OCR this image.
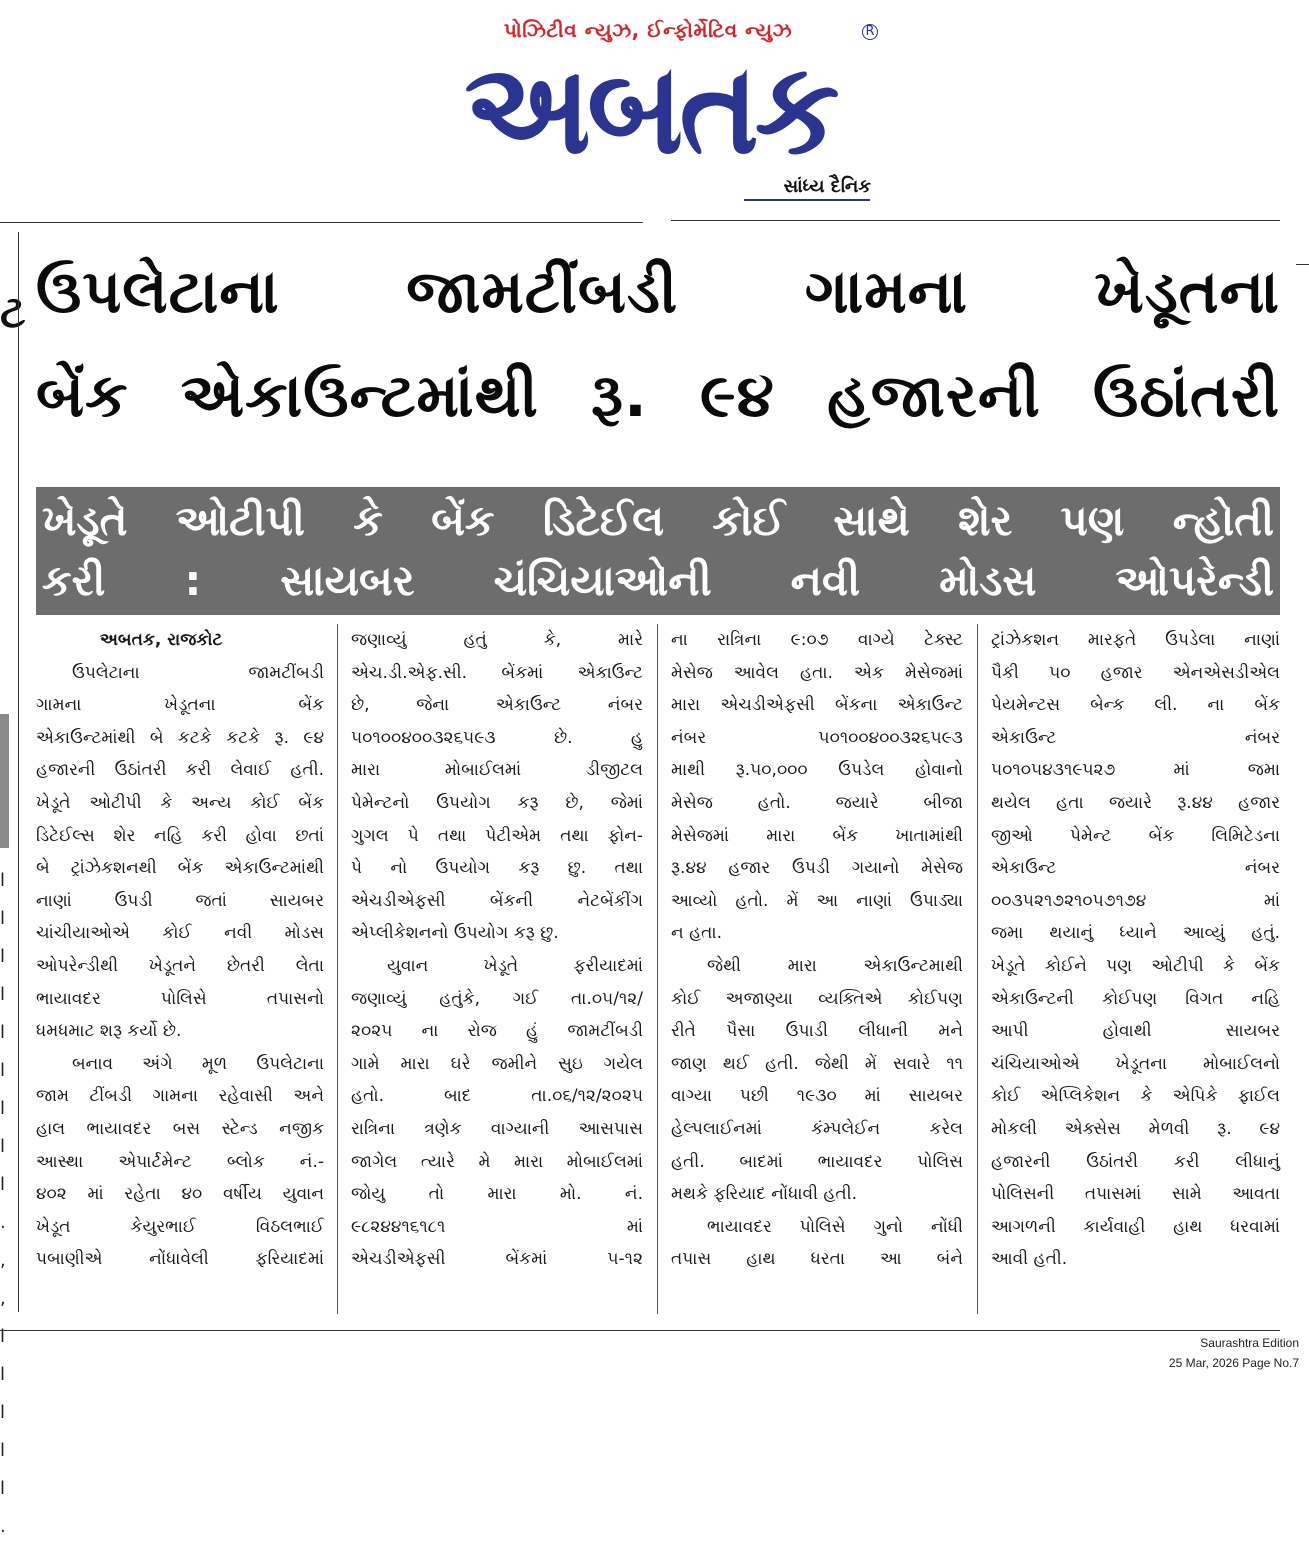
પોઝિટીવ ન્યુઝ, ઈન્ફોર્મેટિવ ન્યુઝ
અબતક
R
સાંધ્ય દૈનિક
ટ
l
l
l
l
l
l
l
l
l
.
,
,
l
l
l
l
l
.
ઉપલેટાના જામટીંબડી ગામના ખેડૂતના
બેંક એકાઉન્ટમાંથી રૂ. ૯૪ હજારની ઉઠાંતરી
ખેડૂતે ઓટીપી કે બેંક ડિટેઈલ કોઈ સાથે શેર પણ ન્હોતી
કરી : સાયબર ચંચિયાઓની નવી મોડસ ઓપરેન્ડી
અબતક, રાજકોટ
ઉપલેટાના જામટીંબડી
ગામના ખેડૂતના બેંક
એકાઉન્ટમાંથી બે કટકે કટકે રૂ. ૯૪
હજારની ઉઠાંતરી કરી લેવાઈ હતી.
ખેડૂતે ઓટીપી કે અન્ય કોઈ બેંક
ડિટેઈલ્સ શેર નહિ કરી હોવા છતાં
બે ટ્રાંઝેકશનથી બેંક એકાઉન્ટમાંથી
નાણાં ઉપડી જતાં સાયબર
ચાંચીયાઓએ કોઈ નવી મોડસ
ઓપરેન્ડીથી ખેડૂતને છેતરી લેતા
ભાયાવદર પોલિસે તપાસનો
ધમધમાટ શરૂ કર્યો છે.
બનાવ અંગે મૂળ ઉપલેટાના
જામ ટીંબડી ગામના રહેવાસી અને
હાલ ભાયાવદર બસ સ્ટેન્ડ નજીક
આસ્થા એપાર્ટમેન્ટ બ્લોક નં.-
૪૦૨ માં રહેતા ૪૦ વર્ષીય યુવાન
ખેડૂત કેયુરભાઈ વિઠલભાઈ
પબાણીએ નોંધાવેલી ફરિયાદમાં
જણાવ્યું હતું કે, મારે
એચ.ડી.એફ.સી. બેંકમાં એકાઉન્ટ
છે, જેના એકાઉન્ટ નંબર
૫૦૧૦૦૪૦૦૩૨૬૫૯૩ છે. હુ
મારા મોબાઈલમાં ડીજીટલ
પેમેન્ટનો ઉપયોગ કરૂ છે, જેમાં
ગુગલ પે તથા પેટીએમ તથા ફોન-
પે નો ઉપયોગ કરૂ છુ. તથા
એચડીએફસી બેંકની નેટબેંકીંગ
એપ્લીકેશનનો ઉપયોગ કરૂ છુ.
યુવાન ખેડૂતે ફરીયાદમાં
જણાવ્યું હતુંકે, ગઈ તા.૦૫/૧૨/
૨૦૨૫ ના રોજ હું જામટીંબડી
ગામે મારા ઘરે જમીને સુઇ ગયેલ
હતો. બાદ તા.૦૬/૧૨/૨૦૨૫
રાત્રિના ત્રણેક વાગ્યાની આસપાસ
જાગેલ ત્યારે મે મારા મોબાઈલમાં
જોયુ તો મારા મો. નં.
૯૮૨૪૪૧૬૧૮૧ માં
એચડીએફસી બેંકમાં ૫-૧૨
ના રાત્રિના ૯:૦૭ વાગ્યે ટેક્સ્ટ
મેસેજ આવેલ હતા. એક મેસેજમાં
મારા એચડીએફસી બેંકના એકાઉન્ટ
નંબર ૫૦૧૦૦૪૦૦૩૨૬૫૯૩
માથી રૂ.૫૦,૦૦૦ ઉપડેલ હોવાનો
મેસેજ હતો. જયારે બીજા
મેસેજમાં મારા બેંક ખાતામાંથી
રૂ.૪૪ હજાર ઉપડી ગયાનો મેસેજ
આવ્યો હતો. મેં આ નાણાં ઉપાડ્યા
ન હતા.
જેથી મારા એકાઉન્ટમાથી
કોઈ અજાણ્યા વ્યક્તિએ કોઈપણ
રીતે પૈસા ઉપાડી લીધાની મને
જાણ થઈ હતી. જેથી મેં સવારે ૧૧
વાગ્યા પછી ૧૯૩૦ માં સાયબર
હેલ્પલાઈનમાં કંમ્પલેઈન કરેલ
હતી. બાદમાં ભાયાવદર પોલિસ
મથકે ફરિયાદ નોંધાવી હતી.
ભાયાવદર પોલિસે ગુનો નોંધી
તપાસ હાથ ધરતા આ બંને
ટ્રાંઝેકશન મારફતે ઉપડેલા નાણાં
પૈકી ૫૦ હજાર એનએસડીએલ
પેયમેન્ટસ બેન્ક લી. ના બેંક
એકાઉન્ટ નંબર
૫૦૧૦૫૪૩૧૯૫૨૭ માં જમા
થયેલ હતા જયારે રૂ.૪૪ હજાર
જીઓ પેમેન્ટ બેંક લિમિટેડના
એકાઉન્ટ નંબર
૦૦૩૫૨૧૭૨૧૦૫૭૧૭૪ માં
જમા થયાનું ધ્યાને આવ્યું હતું.
ખેડૂતે કોઈને પણ ઓટીપી કે બેંક
એકાઉન્ટની કોઈપણ વિગત નહિ
આપી હોવાથી સાયબર
ચંચિયાઓએ ખેડૂતના મોબાઈલનો
કોઈ એપ્લિકેશન કે એપિકે ફાઈલ
મોકલી એક્સેસ મેળવી રૂ. ૯૪
હજારની ઉઠાંતરી કરી લીધાનું
પોલિસની તપાસમાં સામે આવતા
આગળની કાર્યવાહી હાથ ધરવામાં
આવી હતી.
Saurashtra Edition
25 Mar, 2026 Page No.7
